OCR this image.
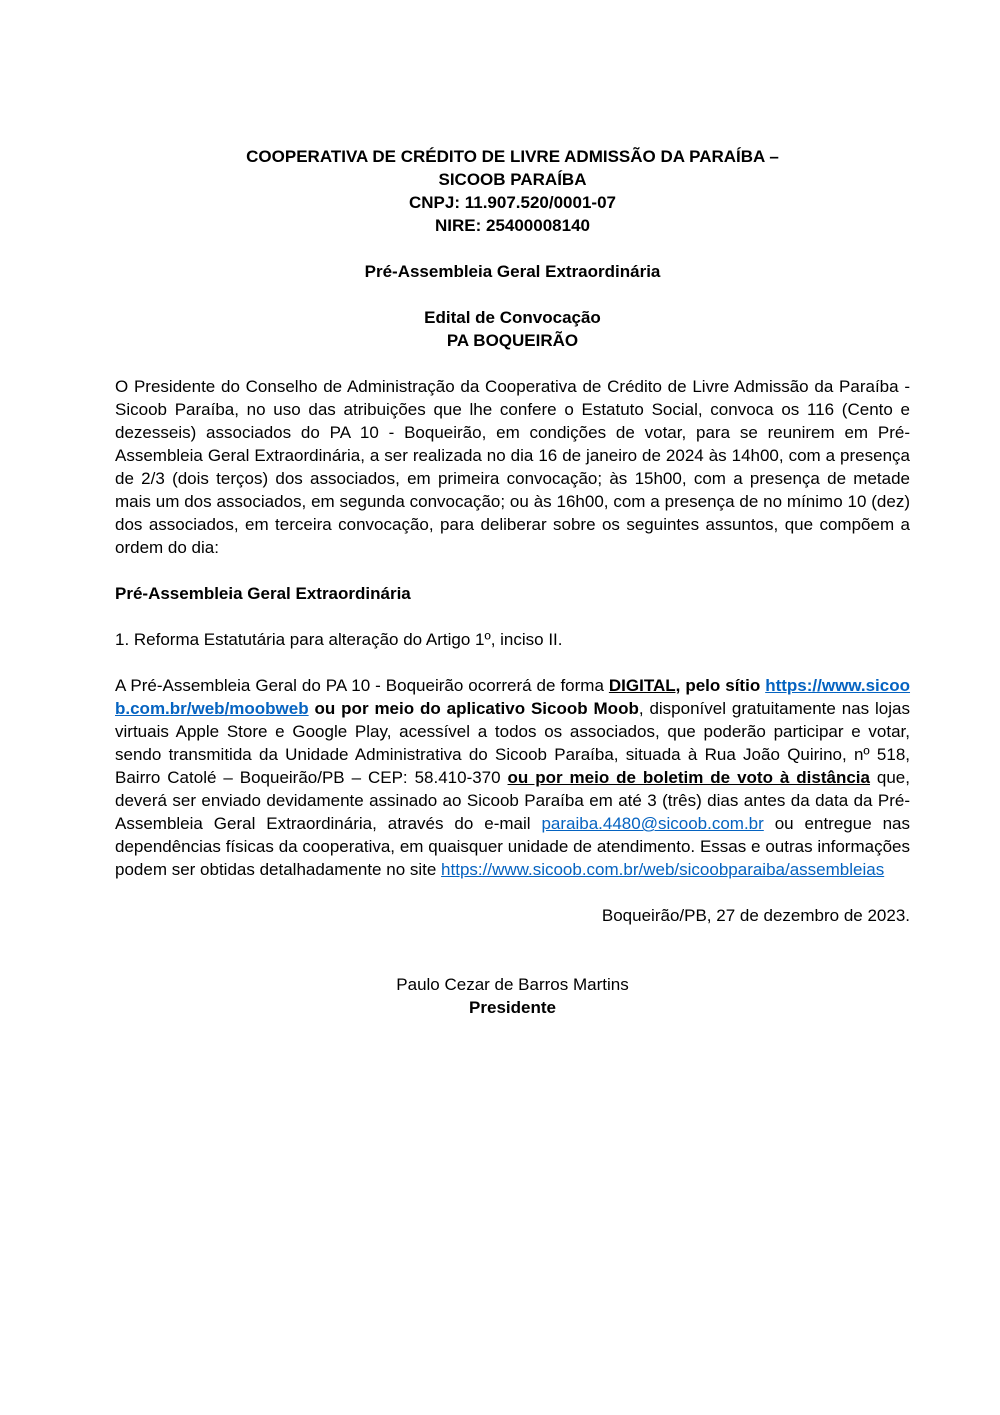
COOPERATIVA DE CRÉDITO DE LIVRE ADMISSÃO DA PARAÍBA –
SICOOB PARAÍBA
CNPJ: 11.907.520/0001-07
NIRE: 25400008140
Pré-Assembleia Geral Extraordinária
Edital de Convocação
PA BOQUEIRÃO

O Presidente do Conselho de Administração da Cooperativa de Crédito de Livre Admissão da Paraíba - Sicoob Paraíba, no uso das atribuições que lhe confere o Estatuto Social, convoca os 116 (Cento e dezesseis) associados do PA 10 - Boqueirão, em condições de votar, para se reunirem em Pré-Assembleia Geral Extraordinária, a ser realizada no dia 16 de janeiro de 2024 às 14h00, com a presença de 2/3 (dois terços) dos associados, em primeira convocação; às 15h00, com a presença de metade mais um dos associados, em segunda convocação; ou às 16h00, com a presença de no mínimo 10 (dez) dos associados, em terceira convocação, para deliberar sobre os seguintes assuntos, que compõem a ordem do dia:

Pré-Assembleia Geral Extraordinária

1. Reforma Estatutária para alteração do Artigo 1º, inciso II.

A Pré-Assembleia Geral do PA 10 - Boqueirão ocorrerá de forma DIGITAL, pelo sítio https://www.sicoob.com.br/web/moobweb ou por meio do aplicativo Sicoob Moob, disponível gratuitamente nas lojas virtuais Apple Store e Google Play, acessível a todos os associados, que poderão participar e votar, sendo transmitida da Unidade Administrativa do Sicoob Paraíba, situada à Rua João Quirino, nº 518, Bairro Catolé – Boqueirão/PB – CEP: 58.410-370 ou por meio de boletim de voto à distância que, deverá ser enviado devidamente assinado ao Sicoob Paraíba em até 3 (três) dias antes da data da Pré-Assembleia Geral Extraordinária, através do e-mail paraiba.4480@sicoob.com.br ou entregue nas dependências físicas da cooperativa, em quaisquer unidade de atendimento. Essas e outras informações podem ser obtidas detalhadamente no site https://www.sicoob.com.br/web/sicoobparaiba/assembleias

Boqueirão/PB, 27 de dezembro de 2023.

Paulo Cezar de Barros Martins
Presidente
